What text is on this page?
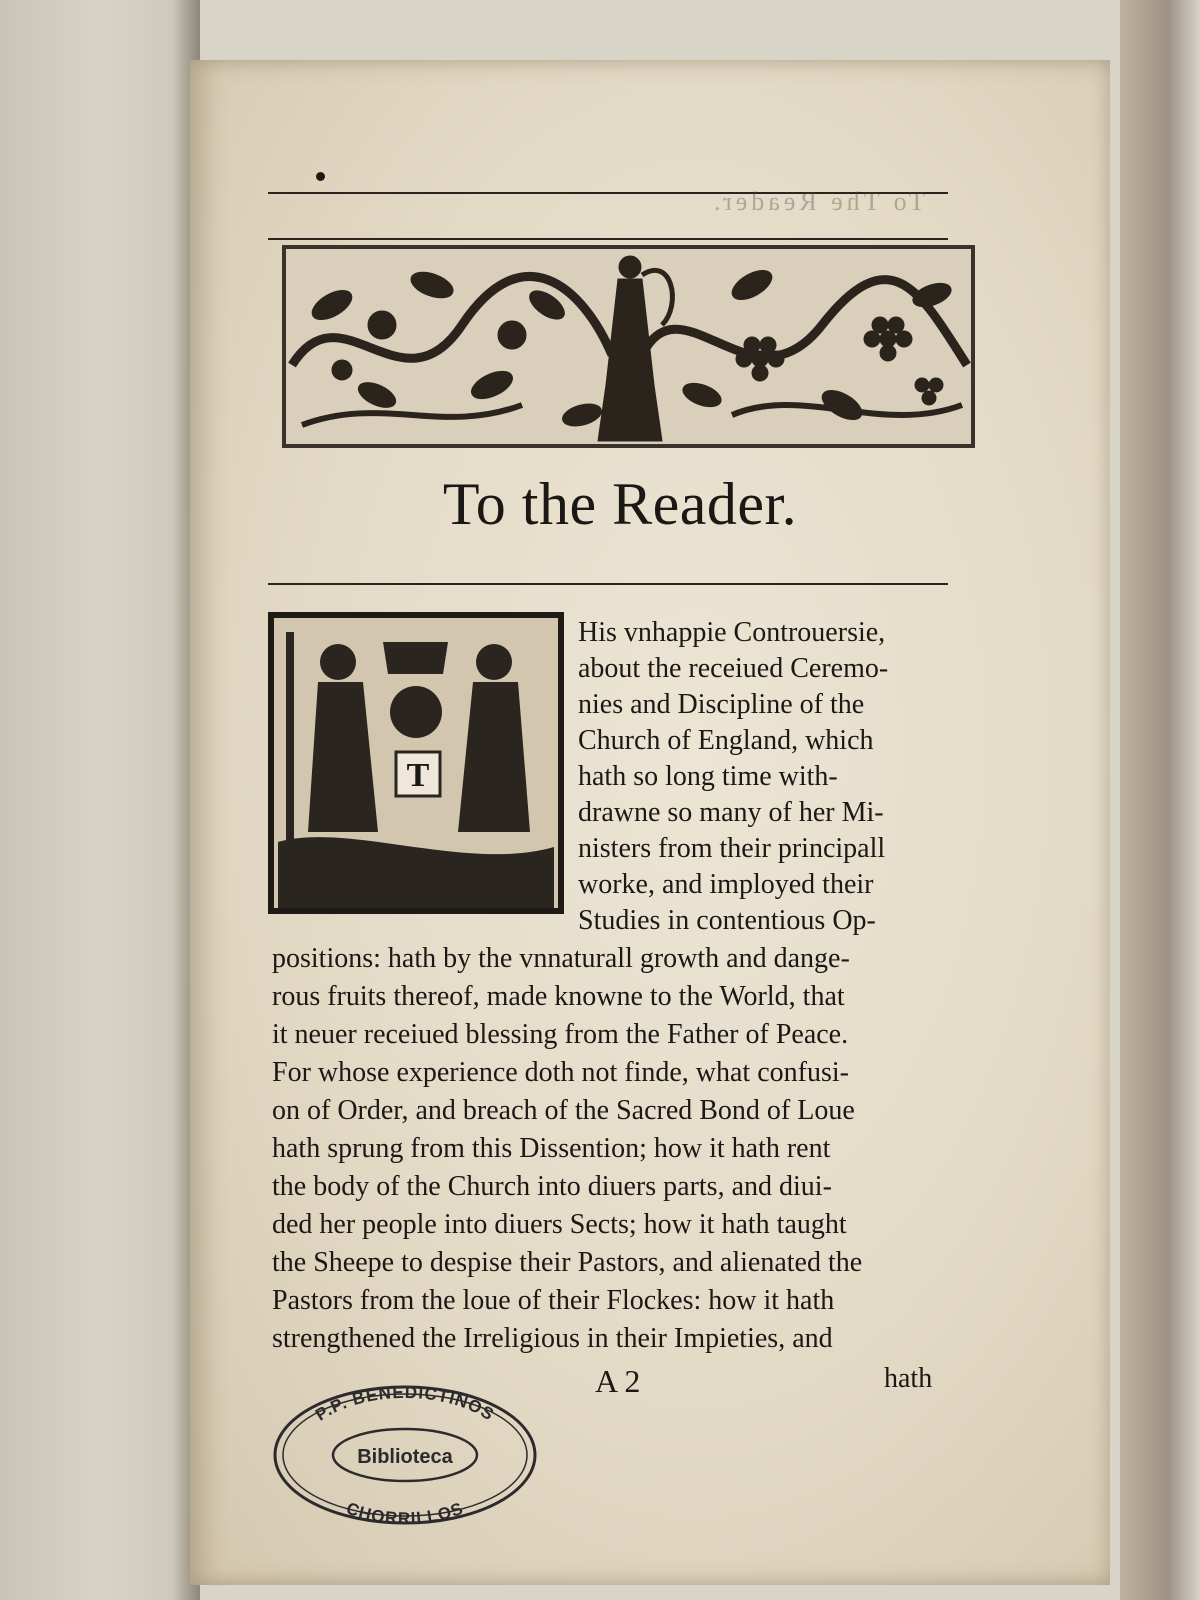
To The Reader.
To the Reader.
T
His vnhappie Controuersie,
about the receiued Ceremo-
nies and Discipline of the
Church of England, which
hath so long time with-
drawne so many of her Mi-
nisters from their principall
worke, and imployed their
Studies in contentious Op-
positions: hath by the vnnaturall growth and dange-
rous fruits thereof, made knowne to the World, that
it neuer receiued blessing from the Father of Peace.
For whose experience doth not finde, what confusi-
on of Order, and breach of the Sacred Bond of Loue
hath sprung from this Dissention; how it hath rent
the body of the Church into diuers parts, and diui-
ded her people into diuers Sects; how it hath taught
the Sheepe to despise their Pastors, and alienated the
Pastors from the loue of their Flockes: how it hath
strengthened the Irreligious in their Impieties, and
A 2	hath
P.P. BENEDICTINOS
Biblioteca
CHORRILLOS
